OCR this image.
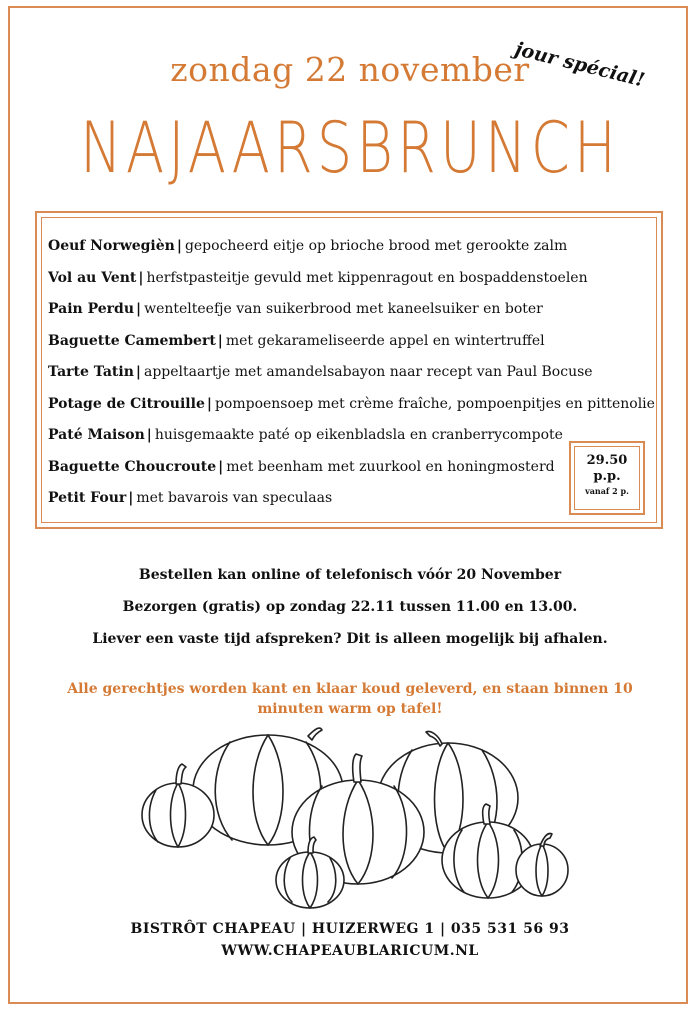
zondag 22 november
jour spécial!
NAJAARSBRUNCH
Oeuf Norwegièn | gepocheerd eitje op brioche brood met gerookte zalm
Vol au Vent | herfstpasteitje gevuld met kippenragout en bospaddenstoelen
Pain Perdu | wentelteefje van suikerbrood met kaneelsuiker en boter
Baguette Camembert | met gekarameliseerde appel en wintertruffel
Tarte Tatin | appeltaartje met amandelsabayon naar recept van Paul Bocuse
Potage de Citrouille | pompoensoep met crème fraîche, pompoenpitjes en pittenolie
Paté Maison | huisgemaakte paté op eikenbladsla en cranberrycompote
Baguette Choucroute | met beenham met zuurkool en honingmosterd
Petit Four | met bavarois van speculaas
29.50
p.p.
vanaf 2 p.
Bestellen kan online of telefonisch vóór 20 November
Bezorgen (gratis) op zondag 22.11 tussen 11.00 en 13.00.
Liever een vaste tijd afspreken? Dit is alleen mogelijk bij afhalen.
Alle gerechtjes worden kant en klaar koud geleverd, en staan binnen 10 minuten warm op tafel!
BISTRÔT CHAPEAU | HUIZERWEG 1 | 035 531 56 93
WWW.CHAPEAUBLARICUM.NL
